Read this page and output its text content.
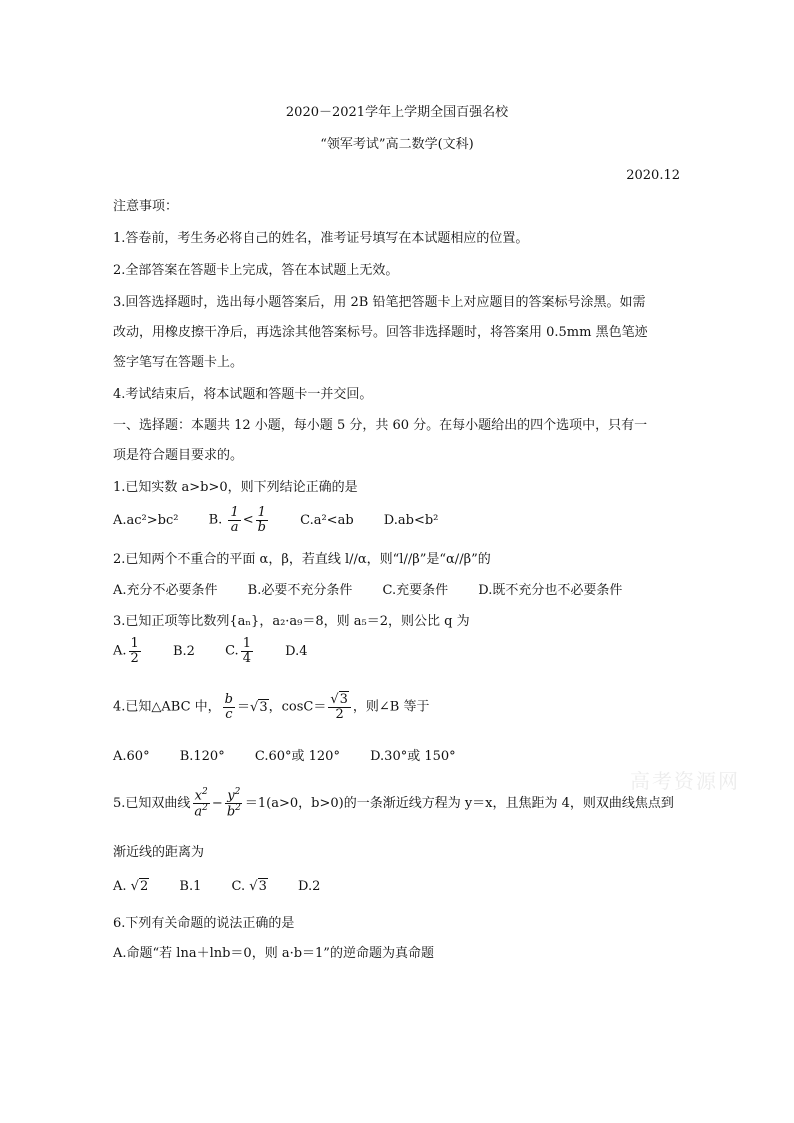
2020－2021学年上学期全国百强名校
“领军考试”高二数学(文科)
2020.12
注意事项：
1.答卷前，考生务必将自己的姓名，准考证号填写在本试题相应的位置。
2.全部答案在答题卡上完成，答在本试题上无效。
3.回答选择题时，选出每小题答案后，用 2B 铅笔把答题卡上对应题目的答案标号涂黑。如需
改动，用橡皮擦干净后，再选涂其他答案标号。回答非选择题时，将答案用 0.5mm 黑色笔迹
签字笔写在答题卡上。
4.考试结束后，将本试题和答题卡一并交回。
一、选择题：本题共 12 小题，每小题 5 分，共 60 分。在每小题给出的四个选项中，只有一
项是符合题目要求的。
1.已知实数 a>b>0，则下列结论正确的是
A.ac²>bc² B. $\frac{1}{a} < \frac{1}{b} C.a^2<ab$ D.ab<b²
2.已知两个不重合的平面 α，β，若直线 l//α，则“l//β”是“α//β”的
A.充分不必要条件 B.必要不充分条件 C.充要条件 D.既不充分也不必要条件
3.已知正项等比数列{aₙ}，a₂·a₉＝8，则 a₅＝2，则公比 q 为
A. $\frac{1}{2} B.2$ C. $\frac{1}{4} D.4$
4.已知△ABC 中， $\frac{b}{c} =√3$，$\cos C= \frac{√3}{2}$ ，则∠B 等于
A.60° B.120° C.60°或 120° D.30°或 150°
高考资源网
5.已知双曲线 $\frac{x^2}{a^2} - \frac{y^2}{b^2} =1(a>0$，b>0)的一条渐近线方程为 y＝x，且焦距为 4，则双曲线焦点到
渐近线的距离为
A. √2 B.1 C. √3 D.2
6.下列有关命题的说法正确的是
A.命题“若 lna＋lnb＝0，则 a·b＝1”的逆命题为真命题
